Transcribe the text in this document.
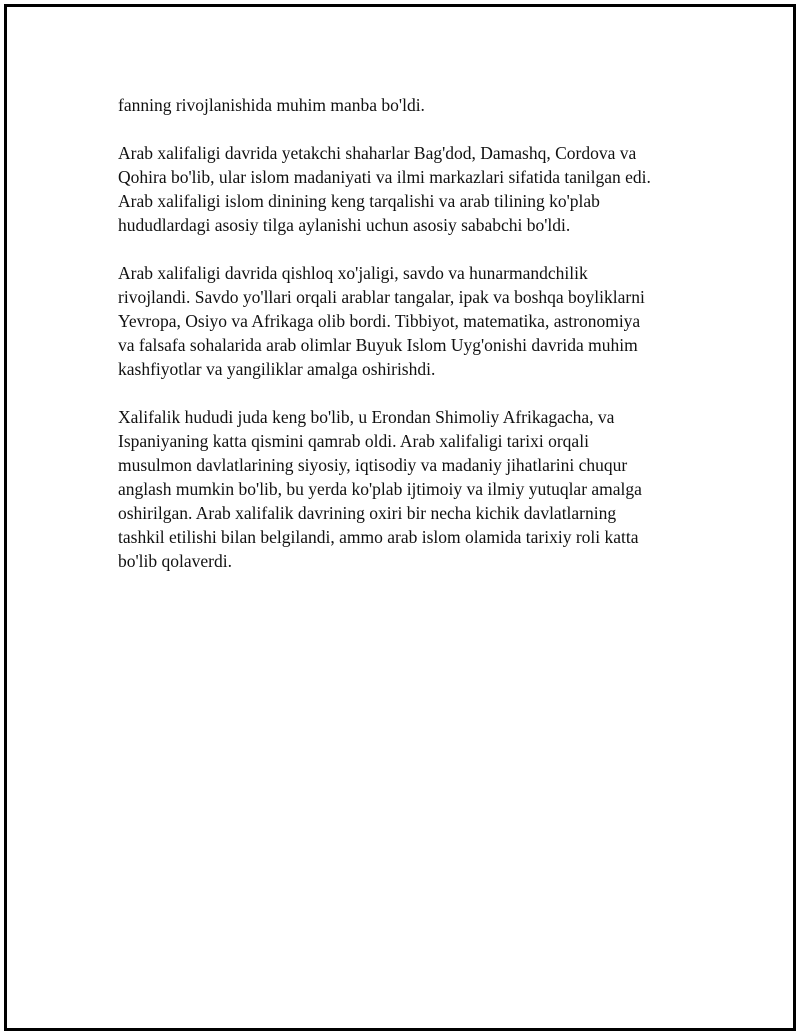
fanning rivojlanishida muhim manba bo'ldi.

Arab xalifaligi davrida yetakchi shaharlar Bag'dod, Damashq, Cordova va
Qohira bo'lib, ular islom madaniyati va ilmi markazlari sifatida tanilgan edi.
Arab xalifaligi islom dinining keng tarqalishi va arab tilining ko'plab
hududlardagi asosiy tilga aylanishi uchun asosiy sababchi bo'ldi.

Arab xalifaligi davrida qishloq xo'jaligi, savdo va hunarmandchilik
rivojlandi. Savdo yo'llari orqali arablar tangalar, ipak va boshqa boyliklarni
Yevropa, Osiyo va Afrikaga olib bordi. Tibbiyot, matematika, astronomiya
va falsafa sohalarida arab olimlar Buyuk Islom Uyg'onishi davrida muhim
kashfiyotlar va yangiliklar amalga oshirishdi.

Xalifalik hududi juda keng bo'lib, u Erondan Shimoliy Afrikagacha, va
Ispaniyaning katta qismini qamrab oldi. Arab xalifaligi tarixi orqali
musulmon davlatlarining siyosiy, iqtisodiy va madaniy jihatlarini chuqur
anglash mumkin bo'lib, bu yerda ko'plab ijtimoiy va ilmiy yutuqlar amalga
oshirilgan. Arab xalifalik davrining oxiri bir necha kichik davlatlarning
tashkil etilishi bilan belgilandi, ammo arab islom olamida tarixiy roli katta
bo'lib qolaverdi.
